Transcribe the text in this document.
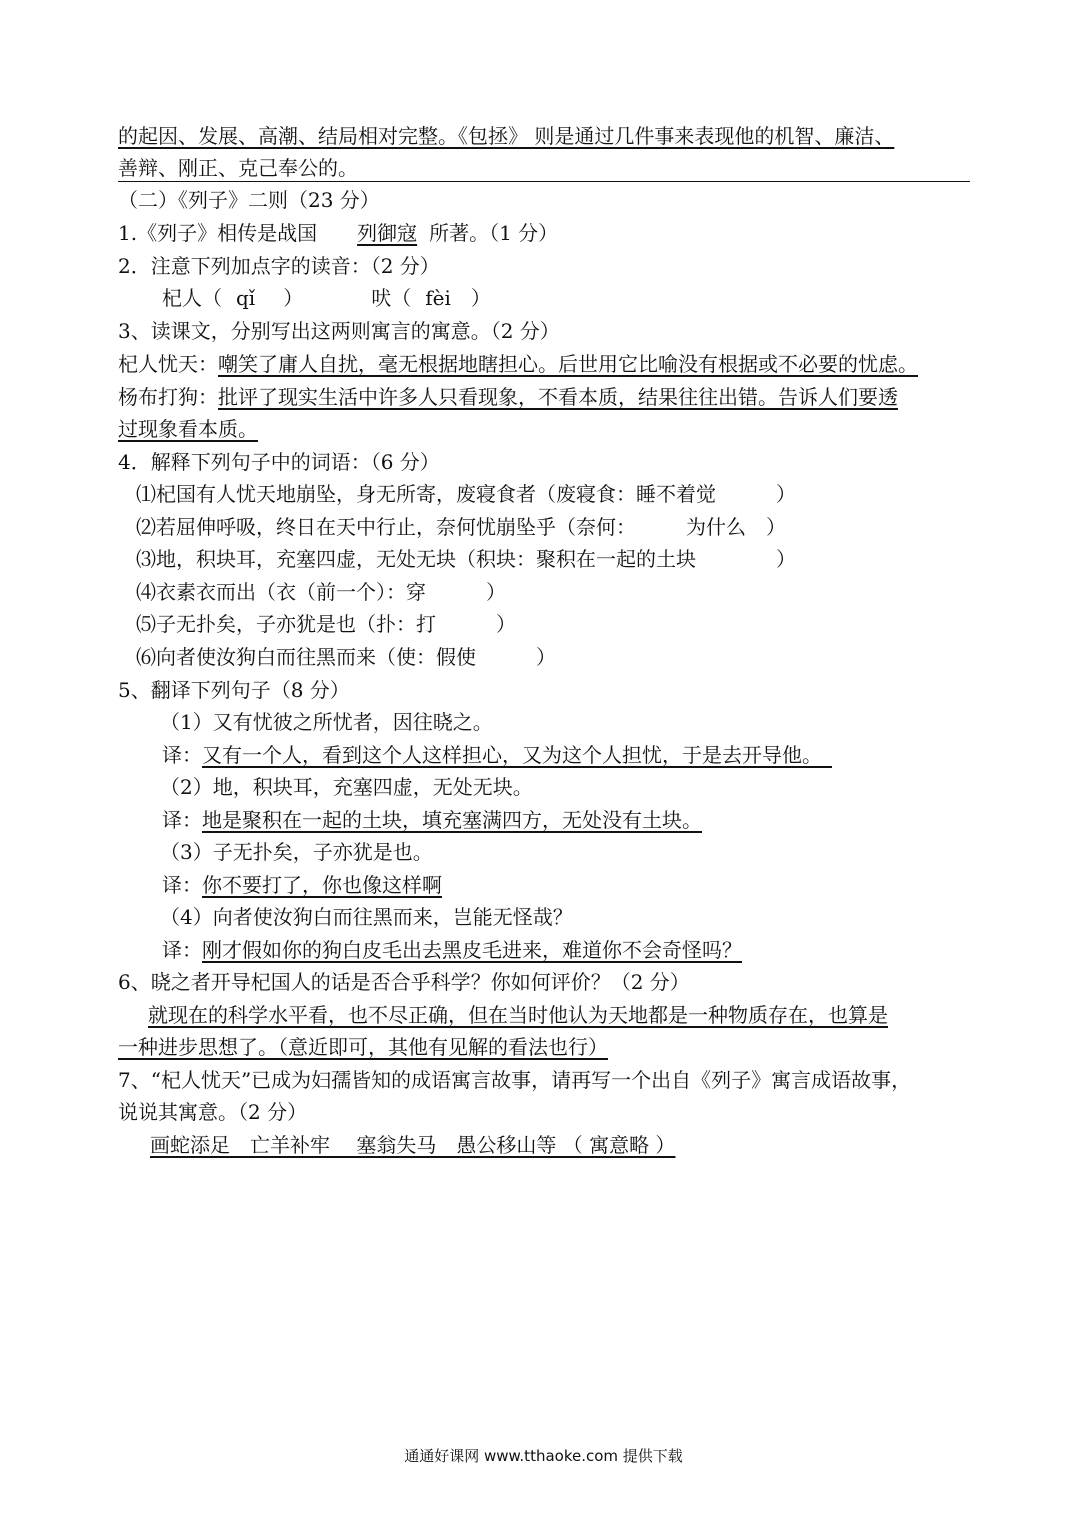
的起因、发展、高潮、结局相对完整。《包拯》 则是通过几件事来表现他的机智、廉洁、
善辩、刚正、克己奉公的。
（二）《列子》二则（23 分）
1.《列子》相传是战国 列御寇 所著。（1 分）
2．注意下列加点字的读音：（2 分）
杞人（ qǐ ）	吠（ fèi ）
3、读课文，分别写出这两则寓言的寓意。（2 分）
杞人忧天：嘲笑了庸人自扰，毫无根据地瞎担心。后世用它比喻没有根据或不必要的忧虑。
杨布打狗：批评了现实生活中许多人只看现象，不看本质，结果往往出错。告诉人们要透
过现象看本质。
4．解释下列句子中的词语：（6 分）
⑴杞国有人忧天地崩坠，身无所寄，废寝食者（废寝食：睡不着觉　　　）
⑵若屈伸呼吸，终日在天中行止，奈何忧崩坠乎（奈何：　　　为什么　）
⑶地，积块耳，充塞四虚，无处无块（积块：聚积在一起的土块　　　　）
⑷衣素衣而出（衣（前一个）：穿　　　）
⑸子无扑矣，子亦犹是也（扑：打　　　）
⑹向者使汝狗白而往黑而来（使：假使　　　）
5、翻译下列句子（8 分）
（1）又有忧彼之所忧者，因往晓之。
译：又有一个人，看到这个人这样担心，又为这个人担忧，于是去开导他。　
（2）地，积块耳，充塞四虚，无处无块。
译：地是聚积在一起的土块，填充塞满四方，无处没有土块。
（3）子无扑矣，子亦犹是也。
译：你不要打了，你也像这样啊
（4）向者使汝狗白而往黑而来，岂能无怪哉？
译：刚才假如你的狗白皮毛出去黑皮毛进来，难道你不会奇怪吗？
6、晓之者开导杞国人的话是否合乎科学？你如何评价？（2 分）
就现在的科学水平看，也不尽正确，但在当时他认为天地都是一种物质存在，也算是
一种进步思想了。（意近即可，其他有见解的看法也行）
7、“杞人忧天”已成为妇孺皆知的成语寓言故事，请再写一个出自《列子》寓言成语故事，
说说其寓意。（2 分）
画蛇添足　亡羊补牢　 塞翁失马　愚公移山等 （ 寓意略 ）
通通好课网 www.tthaoke.com 提供下载
